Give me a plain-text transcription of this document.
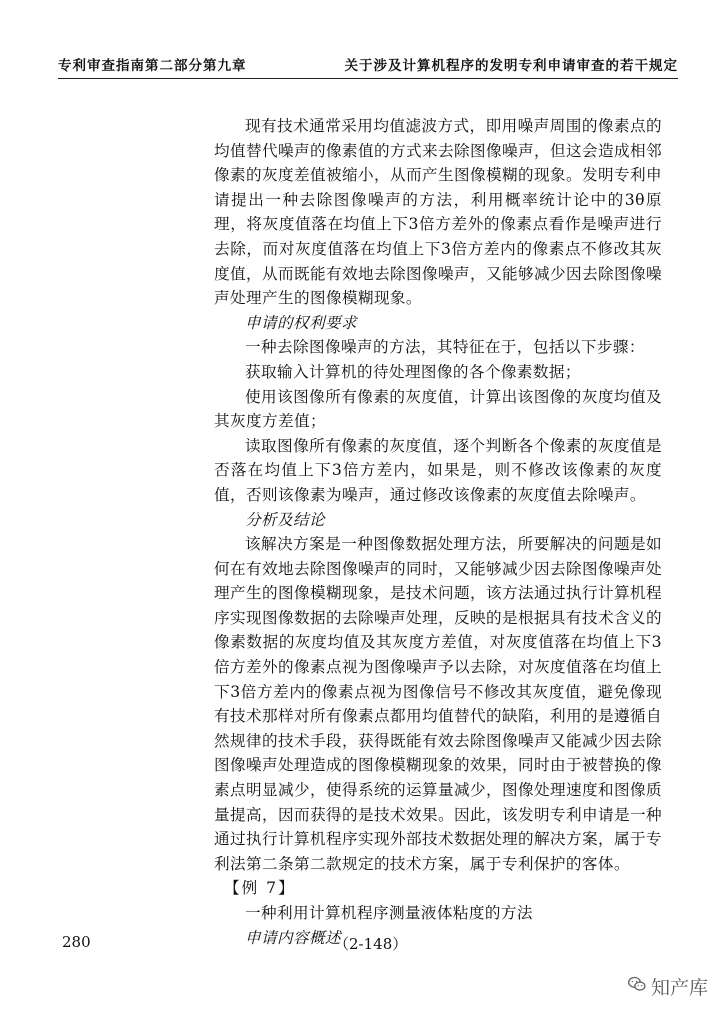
专利审查指南第二部分第九章	关于涉及计算机程序的发明专利申请审查的若干规定

现有技术通常采用均值滤波方式，即用噪声周围的像素点的均值替代噪声的像素值的方式来去除图像噪声，但这会造成相邻像素的灰度差值被缩小，从而产生图像模糊的现象。发明专利申请提出一种去除图像噪声的方法，利用概率统计论中的3θ原理，将灰度值落在均值上下3倍方差外的像素点看作是噪声进行去除，而对灰度值落在均值上下3倍方差内的像素点不修改其灰度值，从而既能有效地去除图像噪声，又能够减少因去除图像噪声处理产生的图像模糊现象。

申请的权利要求

一种去除图像噪声的方法，其特征在于，包括以下步骤：

获取输入计算机的待处理图像的各个像素数据；

使用该图像所有像素的灰度值，计算出该图像的灰度均值及其灰度方差值；

读取图像所有像素的灰度值，逐个判断各个像素的灰度值是否落在均值上下3倍方差内，如果是，则不修改该像素的灰度值，否则该像素为噪声，通过修改该像素的灰度值去除噪声。

分析及结论

该解决方案是一种图像数据处理方法，所要解决的问题是如何在有效地去除图像噪声的同时，又能够减少因去除图像噪声处理产生的图像模糊现象，是技术问题，该方法通过执行计算机程序实现图像数据的去除噪声处理，反映的是根据具有技术含义的像素数据的灰度均值及其灰度方差值，对灰度值落在均值上下3倍方差外的像素点视为图像噪声予以去除，对灰度值落在均值上下3倍方差内的像素点视为图像信号不修改其灰度值，避免像现有技术那样对所有像素点都用均值替代的缺陷，利用的是遵循自然规律的技术手段，获得既能有效去除图像噪声又能减少因去除图像噪声处理造成的图像模糊现象的效果，同时由于被替换的像素点明显减少，使得系统的运算量减少，图像处理速度和图像质量提高，因而获得的是技术效果。因此，该发明专利申请是一种通过执行计算机程序实现外部技术数据处理的解决方案，属于专利法第二条第二款规定的技术方案，属于专利保护的客体。

【例 7】

一种利用计算机程序测量液体粘度的方法

申请内容概述

280	（2-148）
知产库
